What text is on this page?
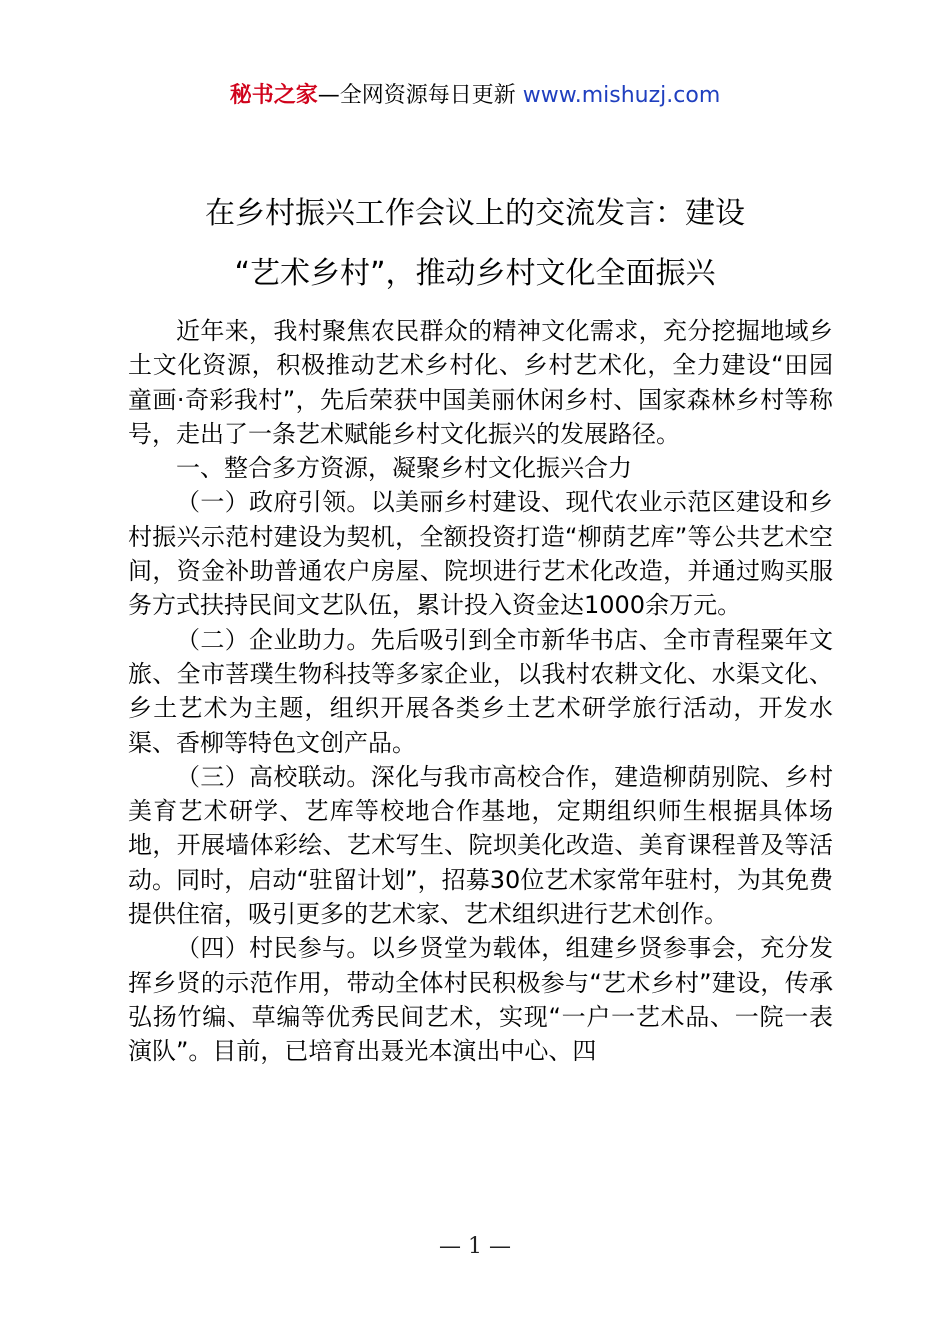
秘书之家—全网资源每日更新 www.mishuzj.com
在乡村振兴工作会议上的交流发言：建设
“艺术乡村”，推动乡村文化全面振兴

近年来，我村聚焦农民群众的精神文化需求，充分挖掘地域乡土文化资源，积极推动艺术乡村化、乡村艺术化，全力建设“田园童画·奇彩我村”，先后荣获中国美丽休闲乡村、国家森林乡村等称号，走出了一条艺术赋能乡村文化振兴的发展路径。

一、整合多方资源，凝聚乡村文化振兴合力

（一）政府引领。以美丽乡村建设、现代农业示范区建设和乡村振兴示范村建设为契机，全额投资打造“柳荫艺库”等公共艺术空间，资金补助普通农户房屋、院坝进行艺术化改造，并通过购买服务方式扶持民间文艺队伍，累计投入资金达1000余万元。

（二）企业助力。先后吸引到全市新华书店、全市青程粟年文旅、全市菩璞生物科技等多家企业，以我村农耕文化、水渠文化、乡土艺术为主题，组织开展各类乡土艺术研学旅行活动，开发水渠、香柳等特色文创产品。

（三）高校联动。深化与我市高校合作，建造柳荫别院、乡村美育艺术研学、艺库等校地合作基地，定期组织师生根据具体场地，开展墙体彩绘、艺术写生、院坝美化改造、美育课程普及等活动。同时，启动“驻留计划”，招募30位艺术家常年驻村，为其免费提供住宿，吸引更多的艺术家、艺术组织进行艺术创作。

（四）村民参与。以乡贤堂为载体，组建乡贤参事会，充分发挥乡贤的示范作用，带动全体村民积极参与“艺术乡村”建设，传承弘扬竹编、草编等优秀民间艺术，实现“一户一艺术品、一院一表演队”。目前，已培育出聂光本演出中心、四

— 1 —
